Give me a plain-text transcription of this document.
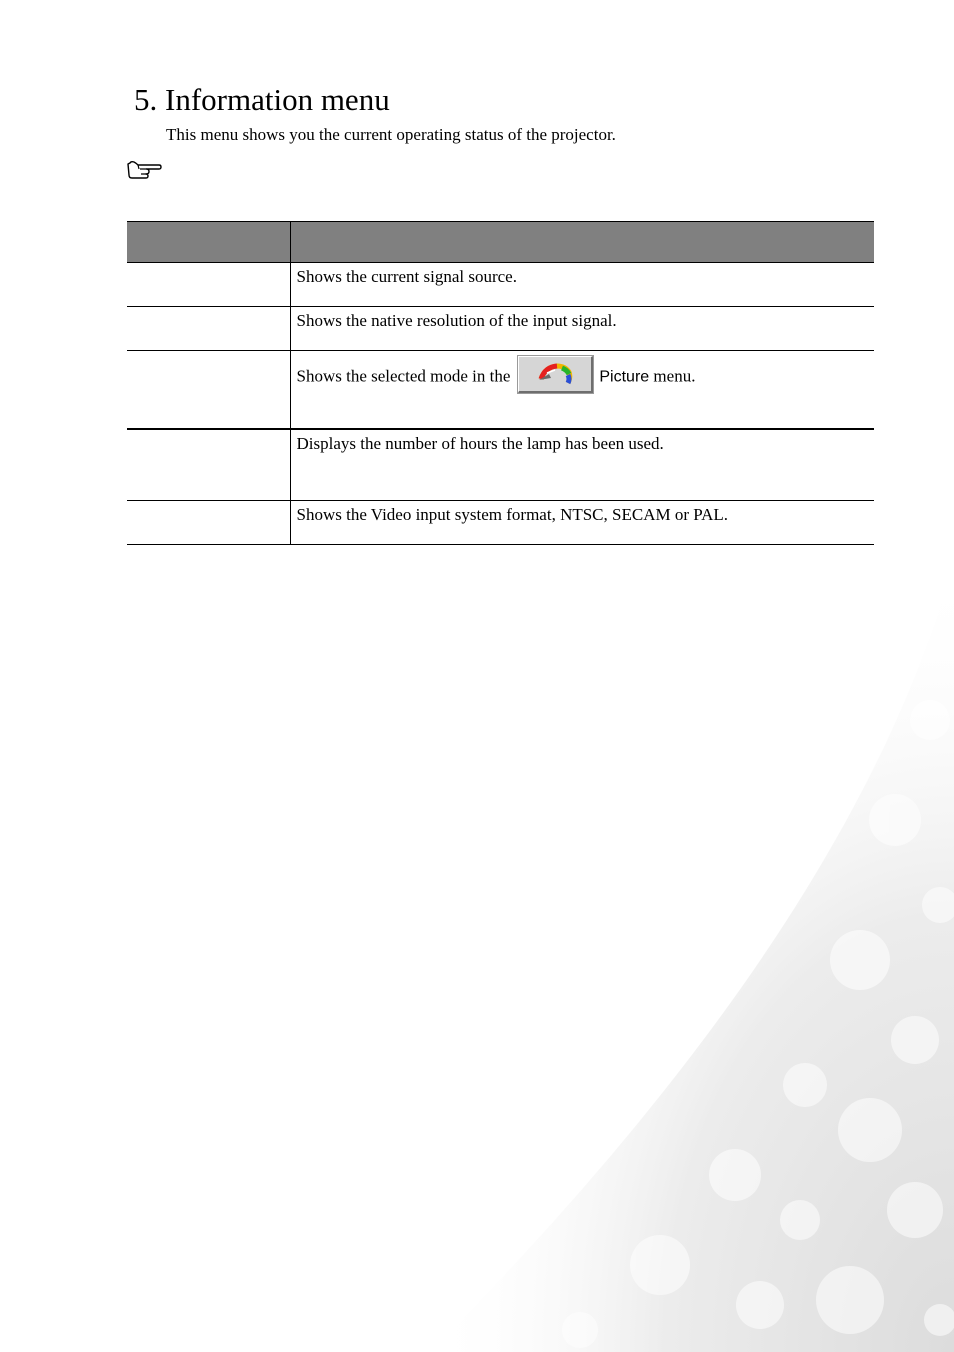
5. Information menu
This menu shows you the current operating status of the projector.

	Shows the current signal source.
	Shows the native resolution of the input signal.
	Shows the selected mode in the Picture menu.
	Displays the number of hours the lamp has been used.
	Shows the Video input system format, NTSC, SECAM or PAL.
